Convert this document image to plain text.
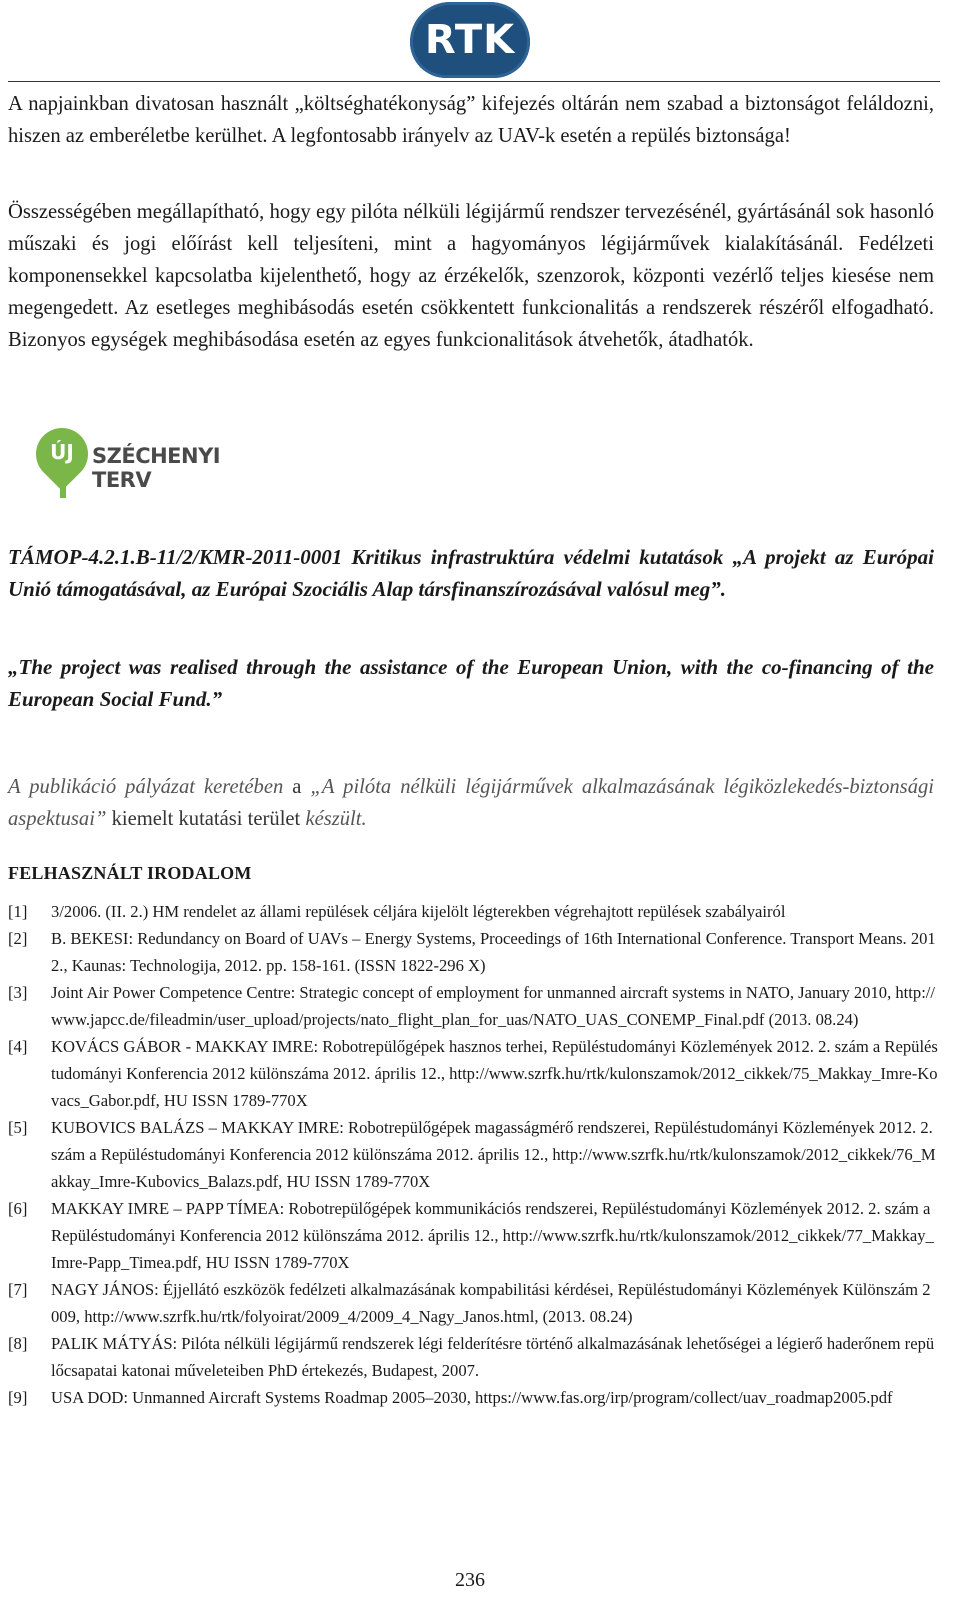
RTK
A napjainkban divatosan használt „költséghatékonyság” kifejezés oltárán nem szabad a biztonságot feláldozni, hiszen az emberéletbe kerülhet. A legfontosabb irányelv az UAV-k esetén a repülés biztonsága!
Összességében megállapítható, hogy egy pilóta nélküli légijármű rendszer tervezésénél, gyártásánál sok hasonló műszaki és jogi előírást kell teljesíteni, mint a hagyományos légijárművek kialakításánál. Fedélzeti komponensekkel kapcsolatba kijelenthető, hogy az érzékelők, szenzorok, központi vezérlő teljes kiesése nem megengedett. Az esetleges meghibásodás esetén csökkentett funkcionalitás a rendszerek részéről elfogadható. Bizonyos egységek meghibásodása esetén az egyes funkcionalitások átvehetők, átadhatók.
ÚJ SZÉCHENYI TERV
TÁMOP-4.2.1.B-11/2/KMR-2011-0001 Kritikus infrastruktúra védelmi kutatások „A projekt az Európai Unió támogatásával, az Európai Szociális Alap társfinanszírozásával valósul meg”.
„The project was realised through the assistance of the European Union, with the co-financing of the European Social Fund.”
A publikáció pályázat keretében a „A pilóta nélküli légijárművek alkalmazásának légiközlekedés-biztonsági aspektusai” kiemelt kutatási terület készült.
FELHASZNÁLT IRODALOM
[1]	3/2006. (II. 2.) HM rendelet az állami repülések céljára kijelölt légterekben végrehajtott repülések szabályairól
[2]	B. BEKESI: Redundancy on Board of UAVs – Energy Systems, Proceedings of 16th International Conference. Transport Means. 2012., Kaunas: Technologija, 2012. pp. 158-161. (ISSN 1822-296 X)
[3]	Joint Air Power Competence Centre: Strategic concept of employment for unmanned aircraft systems in NATO, January 2010, http://www.japcc.de/fileadmin/user_upload/projects/nato_flight_plan_for_uas/NATO_UAS_CONEMP_Final.pdf (2013. 08.24)
[4]	KOVÁCS GÁBOR - MAKKAY IMRE: Robotrepülőgépek hasznos terhei, Repüléstudományi Közlemények 2012. 2. szám a Repüléstudományi Konferencia 2012 különszáma 2012. április 12., http://www.szrfk.hu/rtk/kulonszamok/2012_cikkek/75_Makkay_Imre-Kovacs_Gabor.pdf, HU ISSN 1789-770X
[5]	KUBOVICS BALÁZS – MAKKAY IMRE: Robotrepülőgépek magasságmérő rendszerei, Repüléstudományi Közlemények 2012. 2. szám a Repüléstudományi Konferencia 2012 különszáma 2012. április 12., http://www.szrfk.hu/rtk/kulonszamok/2012_cikkek/76_Makkay_Imre-Kubovics_Balazs.pdf, HU ISSN 1789-770X
[6]	MAKKAY IMRE – PAPP TÍMEA: Robotrepülőgépek kommunikációs rendszerei, Repüléstudományi Közlemények 2012. 2. szám a Repüléstudományi Konferencia 2012 különszáma 2012. április 12., http://www.szrfk.hu/rtk/kulonszamok/2012_cikkek/77_Makkay_Imre-Papp_Timea.pdf, HU ISSN 1789-770X
[7]	NAGY JÁNOS: Éjjellátó eszközök fedélzeti alkalmazásának kompabilitási kérdései, Repüléstudományi Közlemények Különszám 2009, http://www.szrfk.hu/rtk/folyoirat/2009_4/2009_4_Nagy_Janos.html, (2013. 08.24)
[8]	PALIK MÁTYÁS: Pilóta nélküli légijármű rendszerek légi felderítésre történő alkalmazásának lehetőségei a légierő haderőnem repülőcsapatai katonai műveleteiben PhD értekezés, Budapest, 2007.
[9]	USA DOD: Unmanned Aircraft Systems Roadmap 2005–2030, https://www.fas.org/irp/program/collect/uav_roadmap2005.pdf
236
